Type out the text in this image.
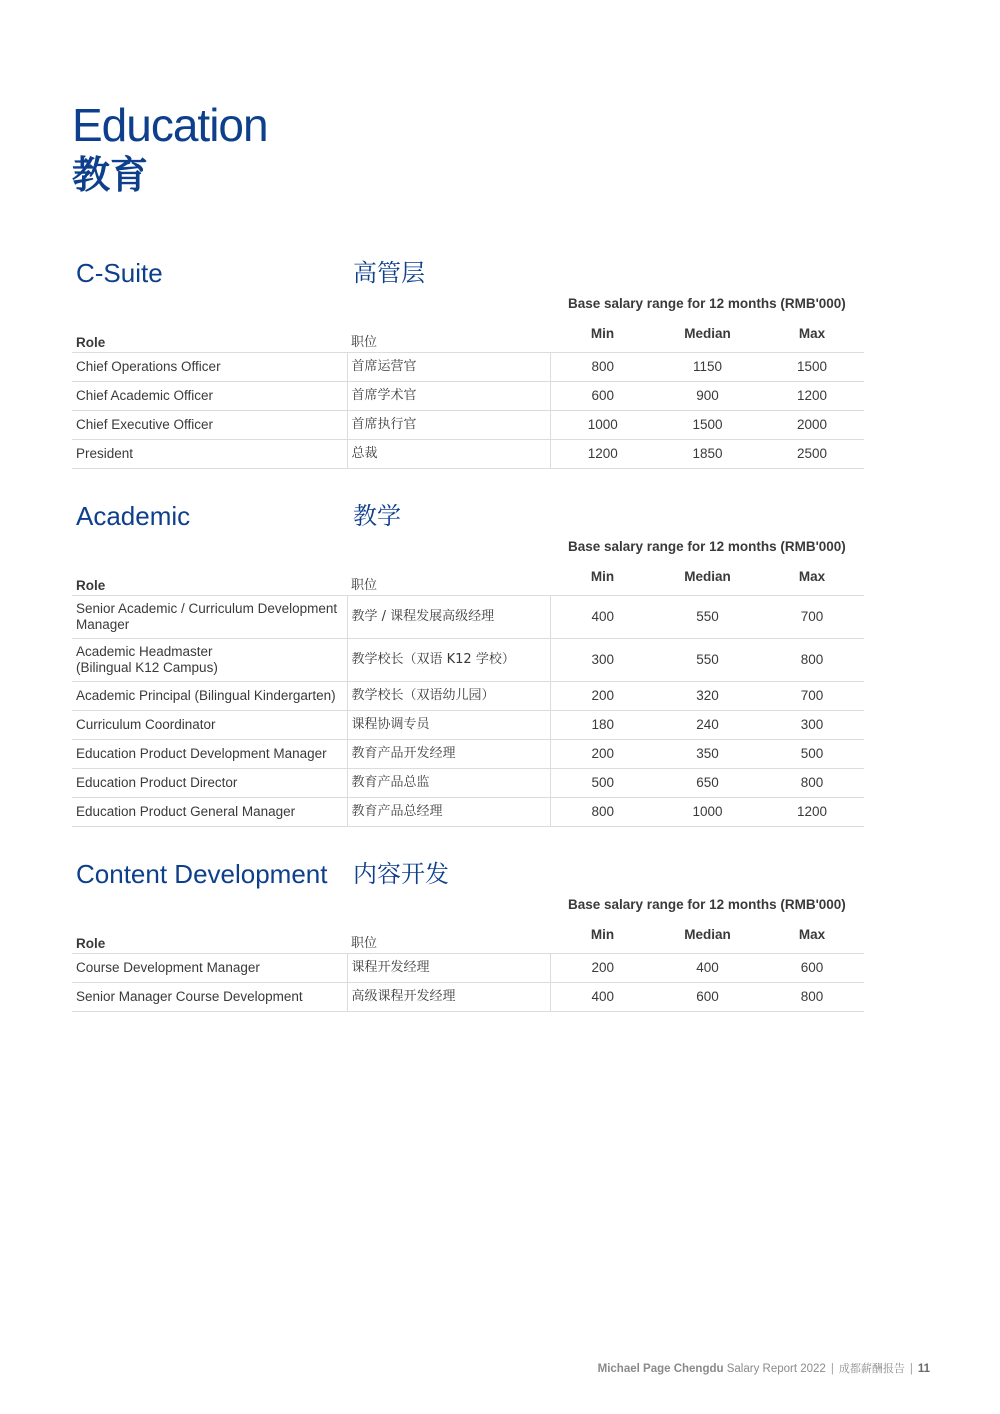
Education
教育
C-Suite	高管层
Base salary range for 12 months (RMB'000)
Role	职位	Min	Median	Max
Chief Operations Officer	首席运营官	800	1150	1500
Chief Academic Officer	首席学术官	600	900	1200
Chief Executive Officer	首席执行官	1000	1500	2000
President	总裁	1200	1850	2500
Academic	教学
Base salary range for 12 months (RMB'000)
Role	职位	Min	Median	Max
Senior Academic / Curriculum Development
Manager	教学 / 课程发展高级经理	400	550	700
Academic Headmaster
(Bilingual K12 Campus)	教学校长（双语 K12 学校）	300	550	800
Academic Principal (Bilingual Kindergarten)	教学校长（双语幼儿园）	200	320	700
Curriculum Coordinator	课程协调专员	180	240	300
Education Product Development Manager	教育产品开发经理	200	350	500
Education Product Director	教育产品总监	500	650	800
Education Product General Manager	教育产品总经理	800	1000	1200
Content Development 内容开发
Base salary range for 12 months (RMB'000)
Role	职位	Min	Median	Max
Course Development Manager	课程开发经理	200	400	600
Senior Manager Course Development	高级课程开发经理	400	600	800
Michael Page Chengdu Salary Report 2022 | 成都薪酬报告 | 11
